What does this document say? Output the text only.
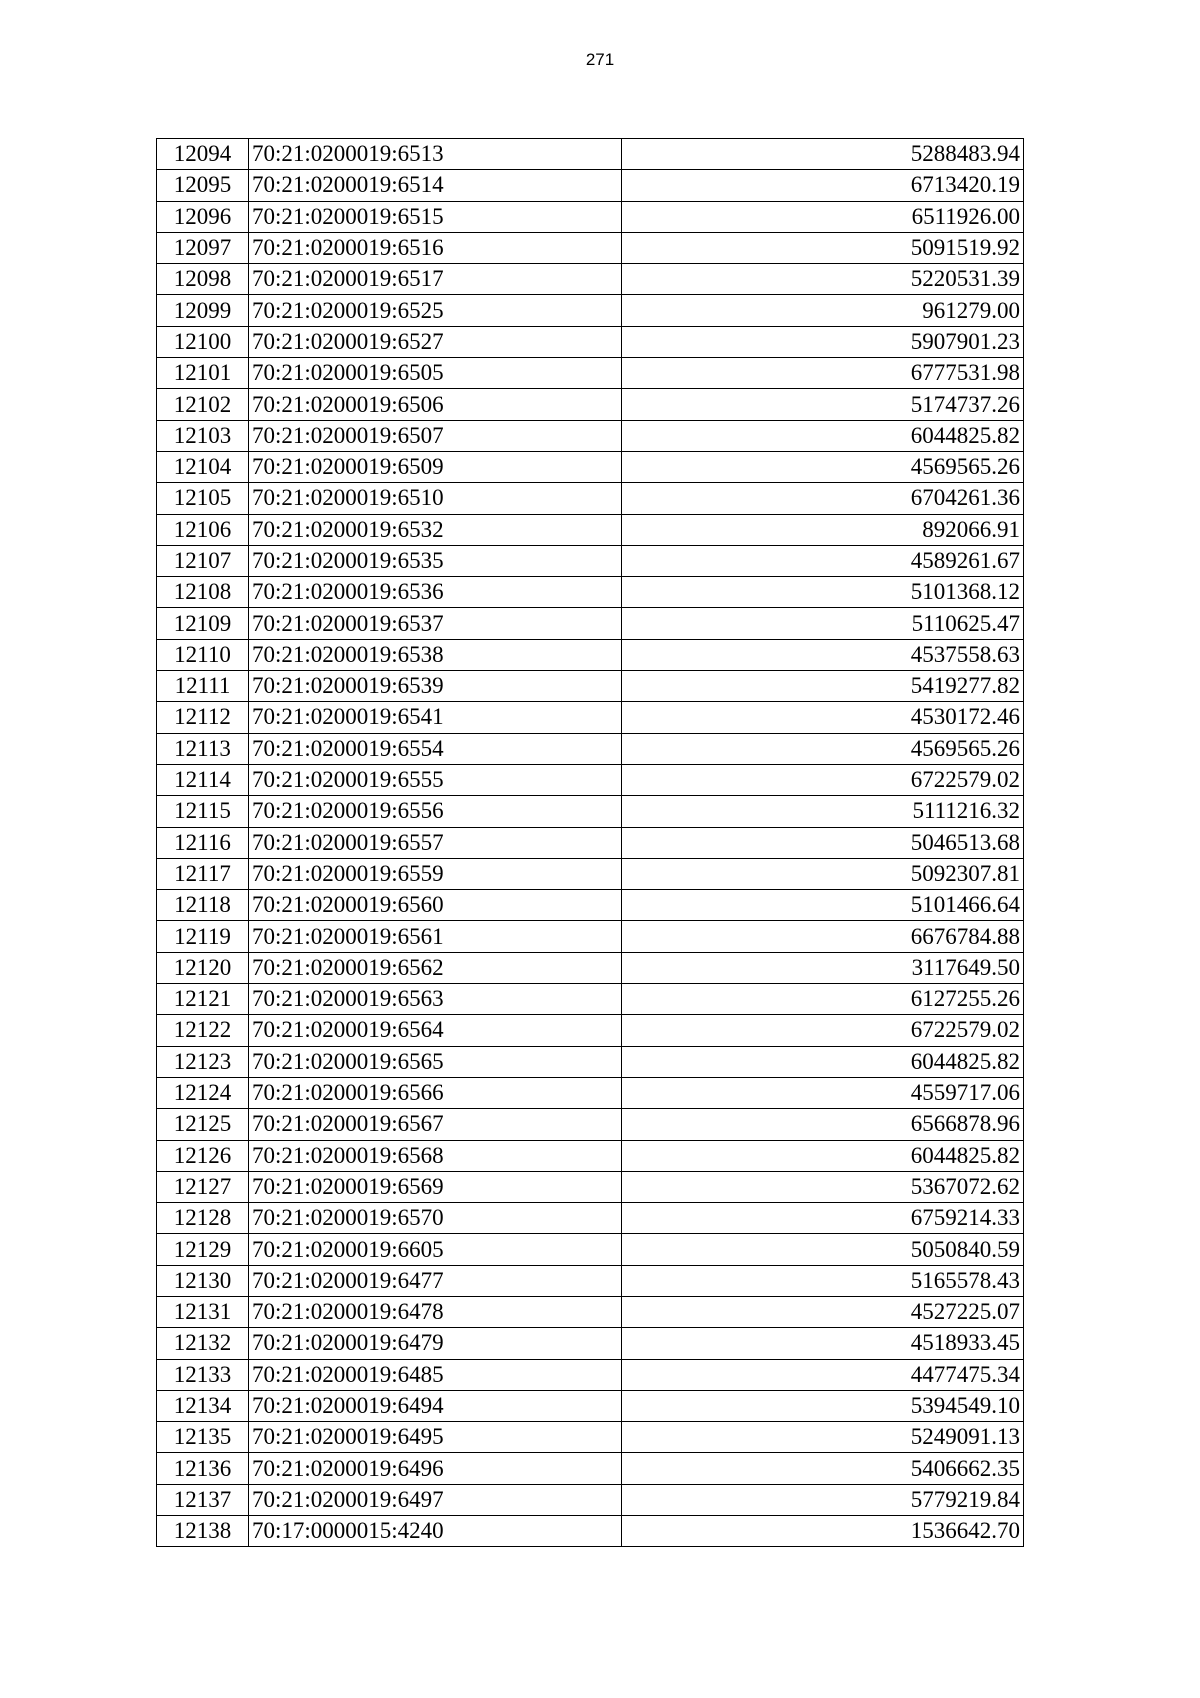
271
12094	70:21:0200019:6513	5288483.94
12095	70:21:0200019:6514	6713420.19
12096	70:21:0200019:6515	6511926.00
12097	70:21:0200019:6516	5091519.92
12098	70:21:0200019:6517	5220531.39
12099	70:21:0200019:6525	961279.00
12100	70:21:0200019:6527	5907901.23
12101	70:21:0200019:6505	6777531.98
12102	70:21:0200019:6506	5174737.26
12103	70:21:0200019:6507	6044825.82
12104	70:21:0200019:6509	4569565.26
12105	70:21:0200019:6510	6704261.36
12106	70:21:0200019:6532	892066.91
12107	70:21:0200019:6535	4589261.67
12108	70:21:0200019:6536	5101368.12
12109	70:21:0200019:6537	5110625.47
12110	70:21:0200019:6538	4537558.63
12111	70:21:0200019:6539	5419277.82
12112	70:21:0200019:6541	4530172.46
12113	70:21:0200019:6554	4569565.26
12114	70:21:0200019:6555	6722579.02
12115	70:21:0200019:6556	5111216.32
12116	70:21:0200019:6557	5046513.68
12117	70:21:0200019:6559	5092307.81
12118	70:21:0200019:6560	5101466.64
12119	70:21:0200019:6561	6676784.88
12120	70:21:0200019:6562	3117649.50
12121	70:21:0200019:6563	6127255.26
12122	70:21:0200019:6564	6722579.02
12123	70:21:0200019:6565	6044825.82
12124	70:21:0200019:6566	4559717.06
12125	70:21:0200019:6567	6566878.96
12126	70:21:0200019:6568	6044825.82
12127	70:21:0200019:6569	5367072.62
12128	70:21:0200019:6570	6759214.33
12129	70:21:0200019:6605	5050840.59
12130	70:21:0200019:6477	5165578.43
12131	70:21:0200019:6478	4527225.07
12132	70:21:0200019:6479	4518933.45
12133	70:21:0200019:6485	4477475.34
12134	70:21:0200019:6494	5394549.10
12135	70:21:0200019:6495	5249091.13
12136	70:21:0200019:6496	5406662.35
12137	70:21:0200019:6497	5779219.84
12138	70:17:0000015:4240	1536642.70
